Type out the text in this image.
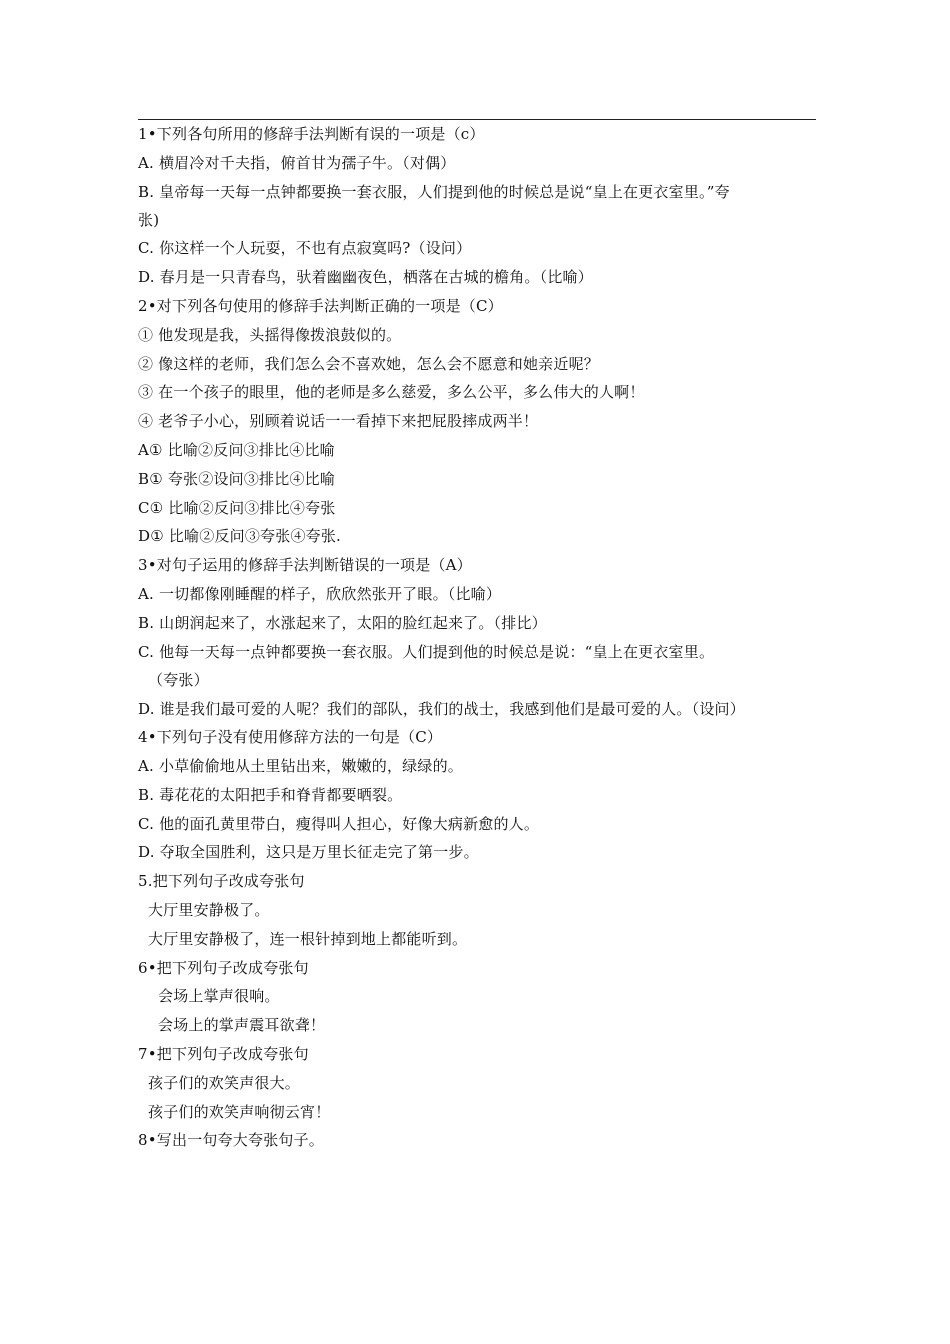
1•下列各句所用的修辞手法判断有误的一项是（c）
A. 横眉冷对千夫指，俯首甘为孺子牛。（对偶）
B. 皇帝每一天每一点钟都要换一套衣服，人们提到他的时候总是说“皇上在更衣室里。”夸
张)
C. 你这样一个人玩耍，不也有点寂寞吗?（设问）
D. 春月是一只青春鸟，驮着幽幽夜色，栖落在古城的檐角。（比喻）
2•对下列各句使用的修辞手法判断正确的一项是（C）
① 他发现是我，头摇得像拨浪鼓似的。
② 像这样的老师，我们怎么会不喜欢她，怎么会不愿意和她亲近呢？
③ 在一个孩子的眼里，他的老师是多么慈爱，多么公平，多么伟大的人啊！
④ 老爷子小心，别顾着说话一一看掉下来把屁股摔成两半！
A① 比喻②反问③排比④比喻
B① 夸张②设问③排比④比喻
C① 比喻②反问③排比④夸张
D① 比喻②反问③夸张④夸张.
3•对句子运用的修辞手法判断错误的一项是（A）
A. 一切都像刚睡醒的样子，欣欣然张开了眼。（比喻）
B. 山朗润起来了，水涨起来了，太阳的脸红起来了。（排比）
C. 他每一天每一点钟都要换一套衣服。人们提到他的时候总是说：“皇上在更衣室里。
（夸张）
D. 谁是我们最可爱的人呢？我们的部队，我们的战士，我感到他们是最可爱的人。（设问）
4•下列句子没有使用修辞方法的一句是（C）
A. 小草偷偷地从土里钻出来，嫩嫩的，绿绿的。
B. 毒花花的太阳把手和脊背都要晒裂。
C. 他的面孔黄里带白，瘦得叫人担心，好像大病新愈的人。
D. 夺取全国胜利，这只是万里长征走完了第一步。
5.把下列句子改成夸张句
大厅里安静极了。
大厅里安静极了，连一根针掉到地上都能听到。
6•把下列句子改成夸张句
会场上掌声很响。
会场上的掌声震耳欲聋！
7•把下列句子改成夸张句
孩子们的欢笑声很大。
孩子们的欢笑声响彻云宵！
8•写出一句夸大夸张句子。
